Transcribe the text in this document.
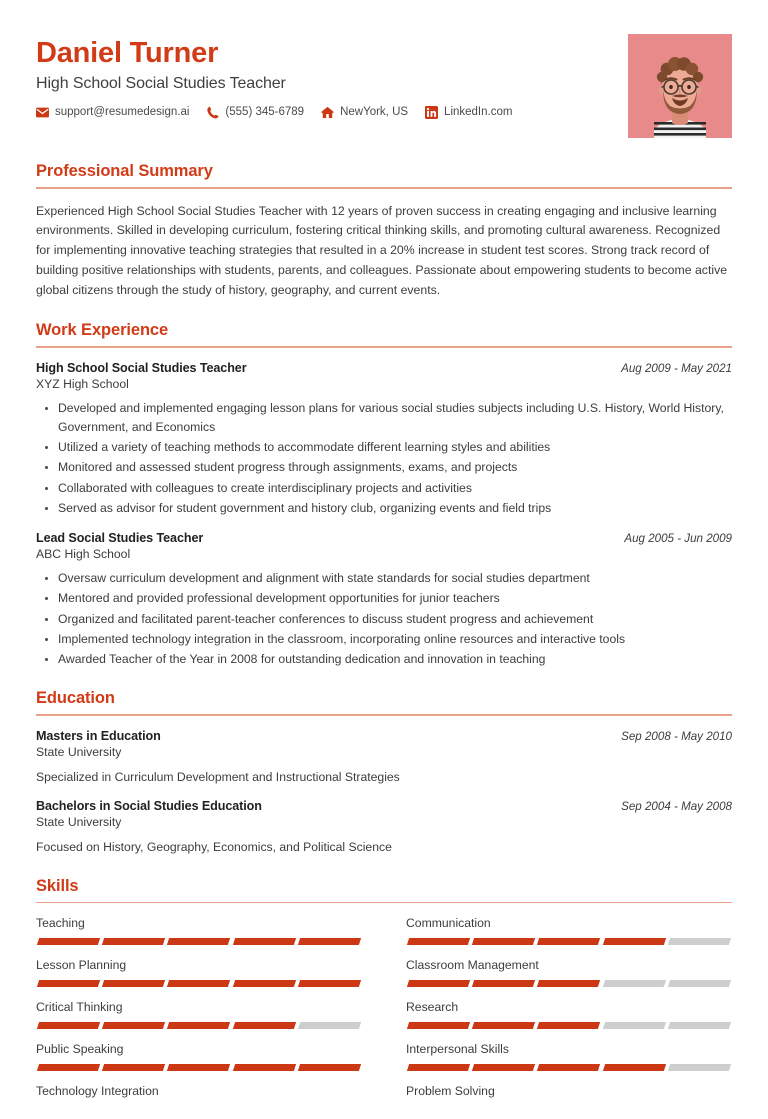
Daniel Turner
High School Social Studies Teacher
support@resumedesign.ai	(555) 345-6789	NewYork, US	LinkedIn.com
Professional Summary
Experienced High School Social Studies Teacher with 12 years of proven success in creating engaging and inclusive learning environments. Skilled in developing curriculum, fostering critical thinking skills, and promoting cultural awareness. Recognized for implementing innovative teaching strategies that resulted in a 20% increase in student test scores. Strong track record of building positive relationships with students, parents, and colleagues. Passionate about empowering students to become active global citizens through the study of history, geography, and current events.
Work Experience
High School Social Studies Teacher	Aug 2009 - May 2021
XYZ High School
Developed and implemented engaging lesson plans for various social studies subjects including U.S. History, World History, Government, and Economics
Utilized a variety of teaching methods to accommodate different learning styles and abilities
Monitored and assessed student progress through assignments, exams, and projects
Collaborated with colleagues to create interdisciplinary projects and activities
Served as advisor for student government and history club, organizing events and field trips
Lead Social Studies Teacher	Aug 2005 - Jun 2009
ABC High School
Oversaw curriculum development and alignment with state standards for social studies department
Mentored and provided professional development opportunities for junior teachers
Organized and facilitated parent-teacher conferences to discuss student progress and achievement
Implemented technology integration in the classroom, incorporating online resources and interactive tools
Awarded Teacher of the Year in 2008 for outstanding dedication and innovation in teaching
Education
Masters in Education	Sep 2008 - May 2010
State University
Specialized in Curriculum Development and Instructional Strategies
Bachelors in Social Studies Education	Sep 2004 - May 2008
State University
Focused on History, Geography, Economics, and Political Science
Skills
Teaching	Communication
Lesson Planning	Classroom Management
Critical Thinking	Research
Public Speaking	Interpersonal Skills
Technology Integration	Problem Solving
